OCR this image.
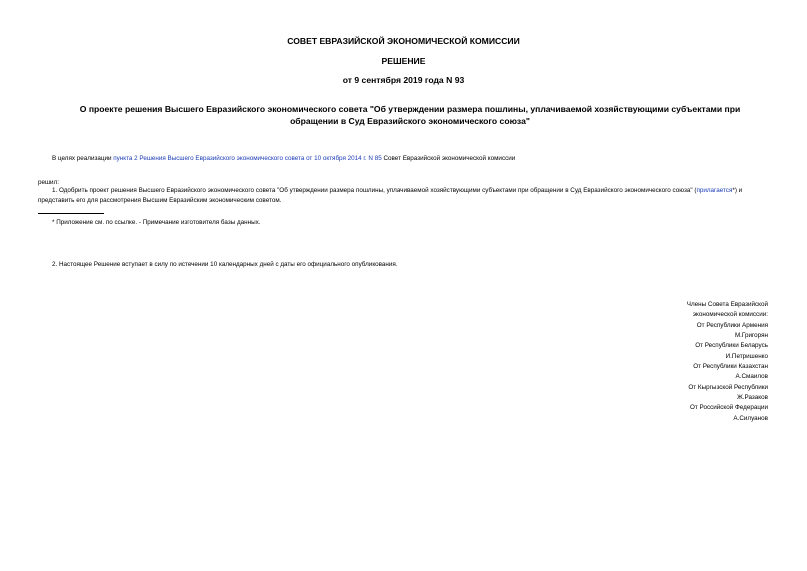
СОВЕТ ЕВРАЗИЙСКОЙ ЭКОНОМИЧЕСКОЙ КОМИССИИ
РЕШЕНИЕ
от 9 сентября 2019 года N 93
О проекте решения Высшего Евразийского экономического совета "Об утверждении размера пошлины, уплачиваемой хозяйствующими субъектами при обращении в Суд Евразийского экономического союза"
В целях реализации пункта 2 Решения Высшего Евразийского экономического совета от 10 октября 2014 г. N 85 Совет Евразийской экономической комиссии
решил:
1. Одобрить проект решения Высшего Евразийского экономического совета "Об утверждении размера пошлины, уплачиваемой хозяйствующими субъектами при обращении в Суд Евразийского экономического союза" (прилагается*) и представить его для рассмотрения Высшим Евразийским экономическим советом.
* Приложение см. по ссылке. - Примечание изготовителя базы данных.
2. Настоящее Решение вступает в силу по истечении 10 календарных дней с даты его официального опубликования.
Члены Совета Евразийской
экономической комиссии:
От Республики Армения
М.Григорян
От Республики Беларусь
И.Петришенко
От Республики Казахстан
А.Смаилов
От Кыргызской Республики
Ж.Разаков
От Российской Федерации
А.Силуанов
